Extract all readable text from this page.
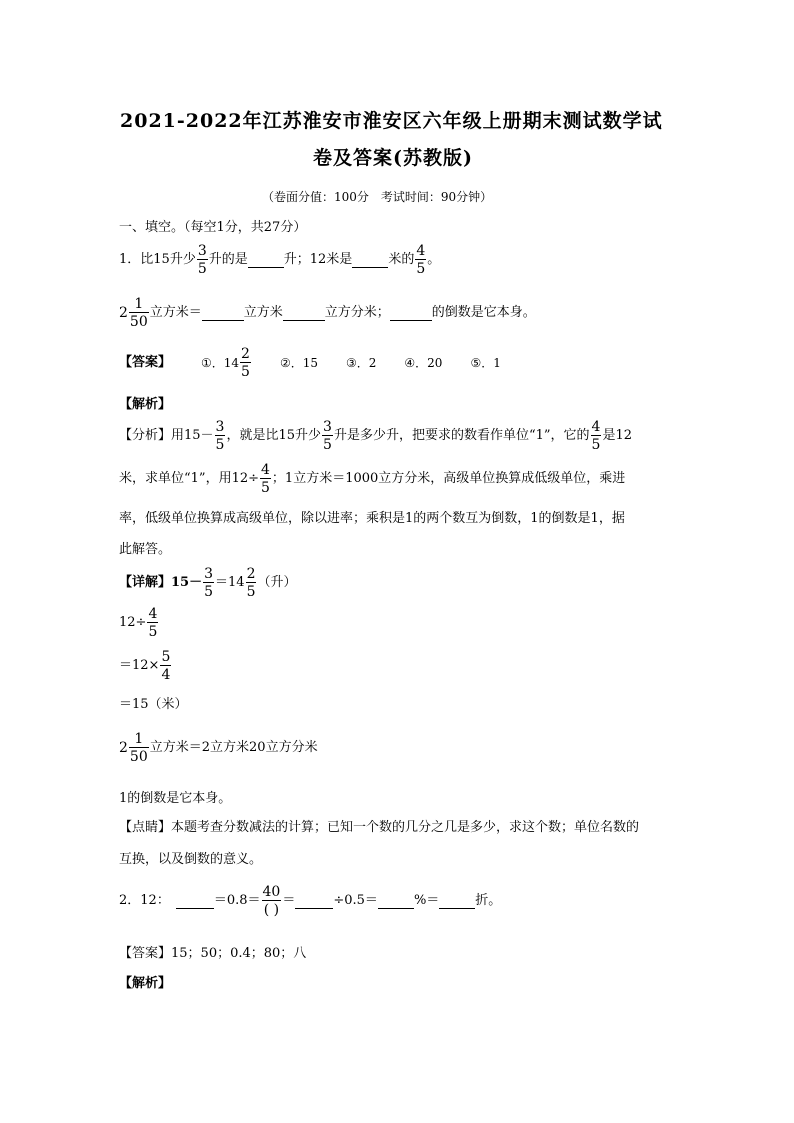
2021-2022年江苏淮安市淮安区六年级上册期末测试数学试
卷及答案(苏教版)
（卷面分值：100分　考试时间：90分钟）
一、填空。（每空1分，共27分）
1．比15升少 $\frac{3}{5}$ 升的是	升；12米是	米的 $\frac{4}{5}$ 。
$2 \frac{1}{50}$ 立方米＝	立方米	立方分米；	的倒数是它本身。
【答案】	①．$14 \frac{2}{5}$ ②．15 ③．2 ④．20 ⑤．1
【解析】
【分析】用$15- \frac{3}{5}$ ，就是比15升少 $\frac{3}{5}$ 升是多少升，把要求的数看作单位“1”，它的 $\frac{4}{5}$ 是12
米，求单位“1”，用$12\div \frac{4}{5}$ ；1立方米＝1000立方分米，高级单位换算成低级单位，乘进
率，低级单位换算成高级单位，除以进率；乘积是1的两个数互为倒数，1的倒数是1，据
此解答。
【详解】$15- \frac{3}{5} =14 \frac{2}{5}$ （升）
$12\div \frac{4}{5}$
$=12\times \frac{5}{4}$
＝15（米）
$2 \frac{1}{50}$ 立方米＝2立方米20立方分米
1的倒数是它本身。
【点睛】本题考查分数减法的计算；已知一个数的几分之几是多少，求这个数；单位名数的
互换，以及倒数的意义。
2．12：	$=0.8= \frac{40}{( )}$ ＝	÷0.5＝	%＝	折。
【答案】15；50；0.4；80；八
【解析】
